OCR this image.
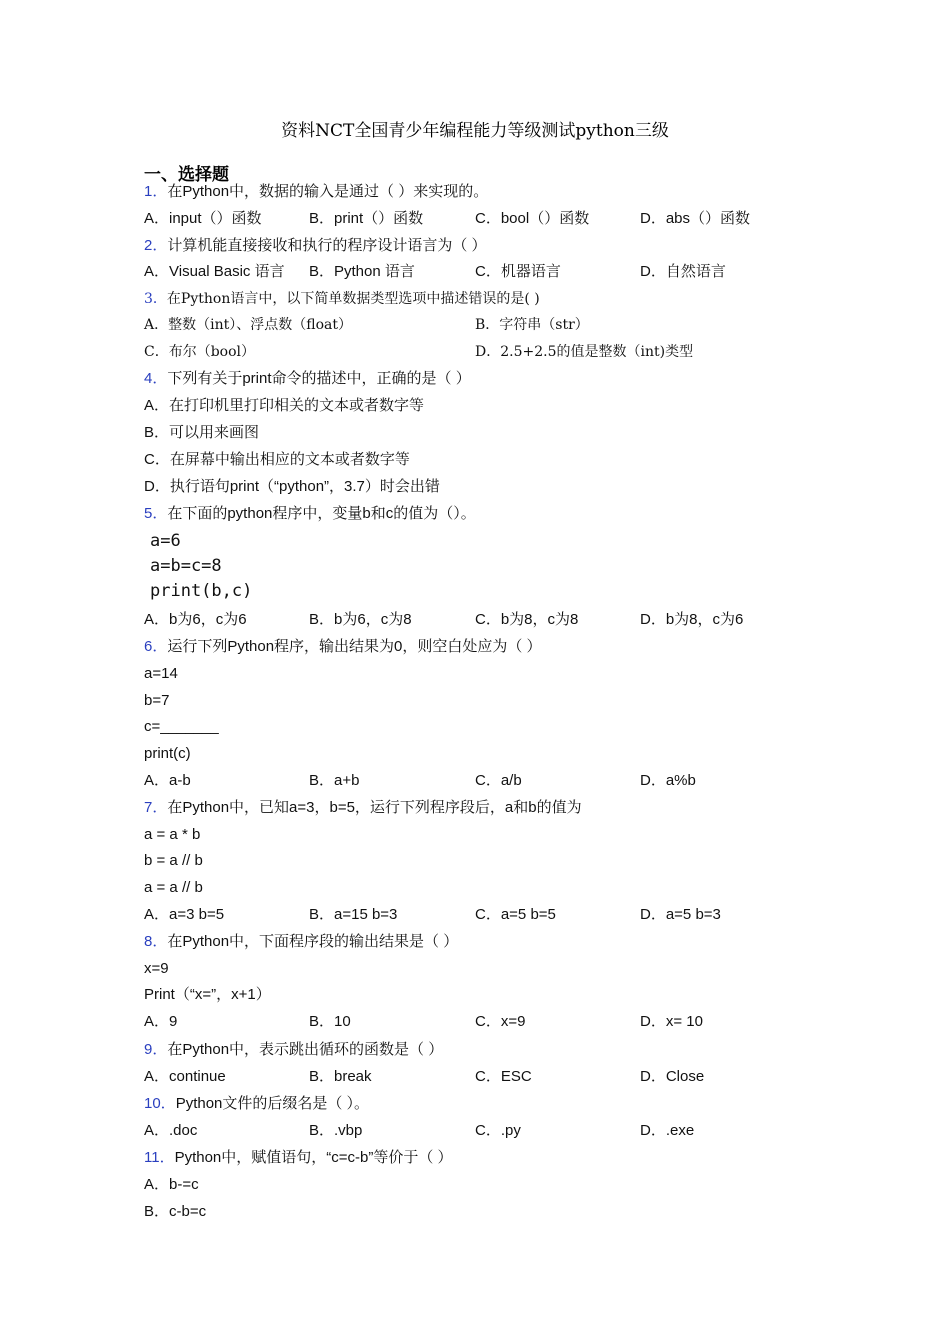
资料NCT全国青少年编程能力等级测试python三级
一、选择题
1．在Python中，数据的输入是通过（ ）来实现的。
A．input（）函数	B．print（）函数	C．bool（）函数	D．abs（）函数
2．计算机能直接接收和执行的程序设计语言为（ ）
A．Visual Basic 语言 B．Python 语言	C．机器语言	D．自然语言
3．在Python语言中，以下简单数据类型选项中描述错误的是( )
A．整数（int）、浮点数（float）	B．字符串（str）
C．布尔（bool）	D．2.5+2.5的值是整数（int)类型
4．下列有关于print命令的描述中，正确的是（ ）
A．在打印机里打印相关的文本或者数字等
B．可以用来画图
C．在屏幕中输出相应的文本或者数字等
D．执行语句print（“python”，3.7）时会出错
5．在下面的python程序中，变量b和c的值为（）。
a=6
a=b=c=8
print(b,c)
A．b为6，c为6	B．b为6，c为8	C．b为8，c为8	D．b为8，c为6
6．运行下列Python程序，输出结果为0，则空白处应为（ ）
a=14
b=7
c=_______
print(c)
A．a-b	B．a+b	C．a/b	D．a%b
7．在Python中，已知a=3，b=5，运行下列程序段后，a和b的值为
a = a * b
b = a // b
a = a // b
A．a=3 b=5	B．a=15 b=3	C．a=5 b=5	D．a=5 b=3
8．在Python中，下面程序段的输出结果是（ ）
x=9
Print（“x=”，x+1）
A．9	B．10	C．x=9	D．x= 10
9．在Python中，表示跳出循环的函数是（ ）
A．continue	B．break	C．ESC	D．Close
10．Python文件的后缀名是（ ）。
A．.doc	B．.vbp	C．.py	D．.exe
11．Python中，赋值语句，“c=c-b”等价于（ ）
A．b-=c
B．c-b=c
